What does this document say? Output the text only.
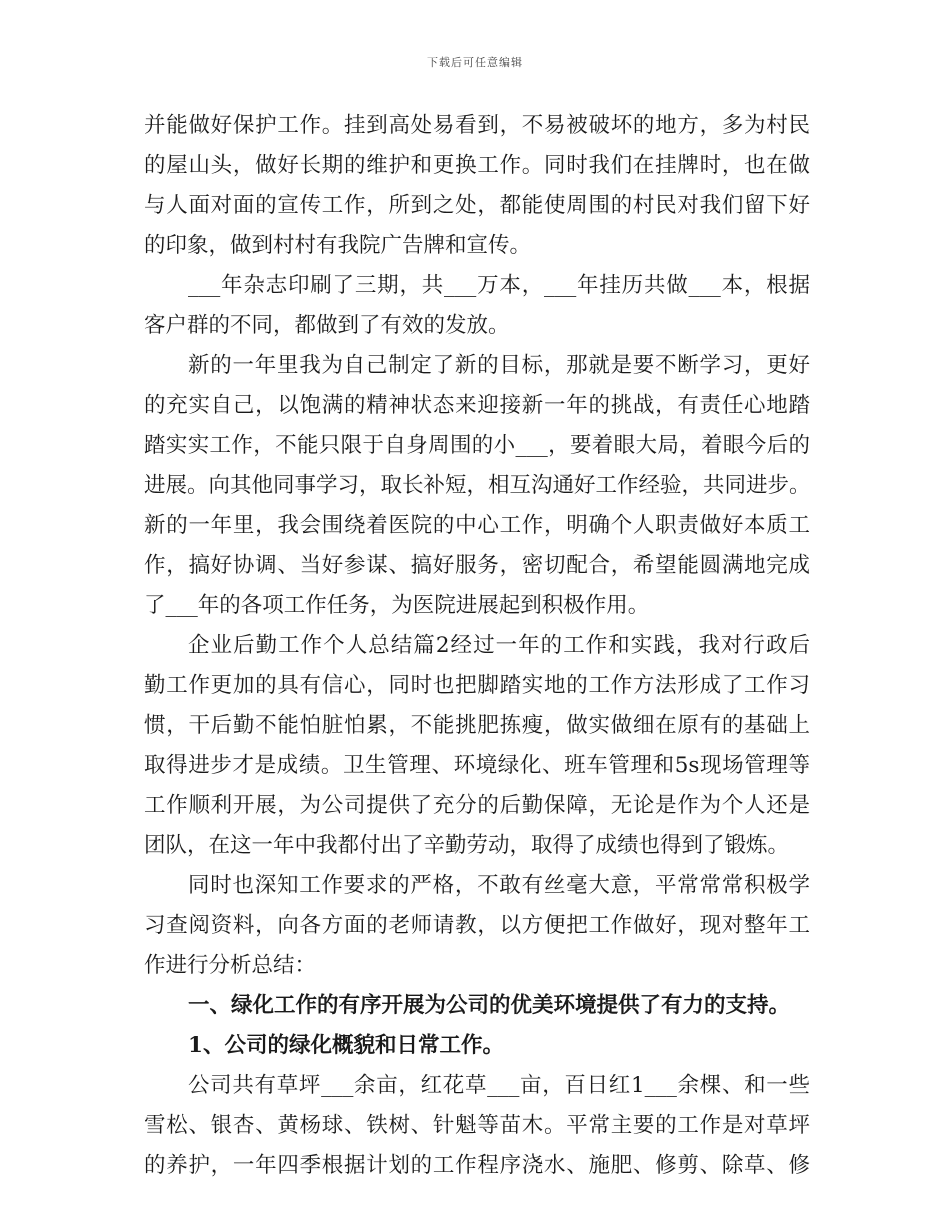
下载后可任意编辑
并能做好保护工作。挂到高处易看到，不易被破坏的地方，多为村民
的屋山头，做好长期的维护和更换工作。同时我们在挂牌时，也在做
与人面对面的宣传工作，所到之处，都能使周围的村民对我们留下好
的印象，做到村村有我院广告牌和宣传。
___年杂志印刷了三期，共___万本，___年挂历共做___本，根据
客户群的不同，都做到了有效的发放。
新的一年里我为自己制定了新的目标，那就是要不断学习，更好
的充实自己，以饱满的精神状态来迎接新一年的挑战，有责任心地踏
踏实实工作，不能只限于自身周围的小___，要着眼大局，着眼今后的
进展。向其他同事学习，取长补短，相互沟通好工作经验，共同进步。
新的一年里，我会围绕着医院的中心工作，明确个人职责做好本质工
作，搞好协调、当好参谋、搞好服务，密切配合，希望能圆满地完成
了___年的各项工作任务，为医院进展起到积极作用。
企业后勤工作个人总结篇2经过一年的工作和实践，我对行政后
勤工作更加的具有信心，同时也把脚踏实地的工作方法形成了工作习
惯，干后勤不能怕脏怕累，不能挑肥拣瘦，做实做细在原有的基础上
取得进步才是成绩。卫生管理、环境绿化、班车管理和5s现场管理等
工作顺利开展，为公司提供了充分的后勤保障，无论是作为个人还是
团队，在这一年中我都付出了辛勤劳动，取得了成绩也得到了锻炼。
同时也深知工作要求的严格，不敢有丝毫大意，平常常常积极学
习查阅资料，向各方面的老师请教，以方便把工作做好，现对整年工
作进行分析总结：
一、绿化工作的有序开展为公司的优美环境提供了有力的支持。
1、公司的绿化概貌和日常工作。
公司共有草坪___余亩，红花草___亩，百日红1___余棵、和一些
雪松、银杏、黄杨球、铁树、针魁等苗木。平常主要的工作是对草坪
的养护，一年四季根据计划的工作程序浇水、施肥、修剪、除草、修
